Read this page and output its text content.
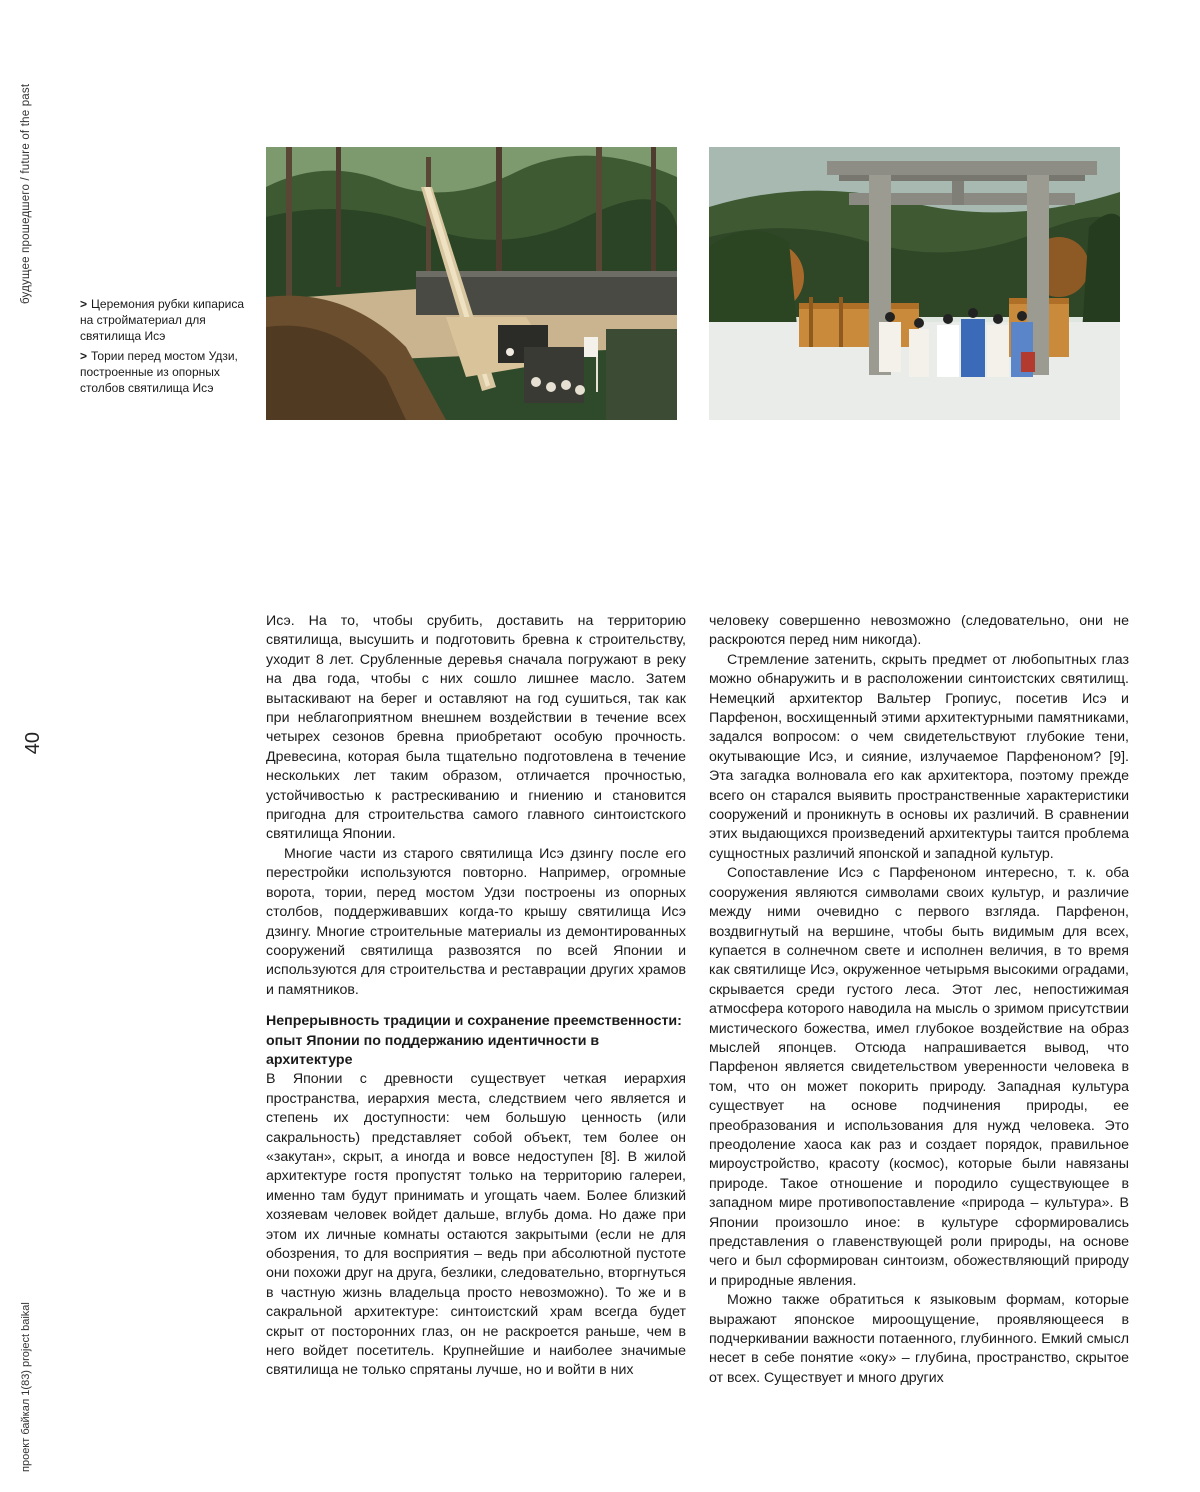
будущее прошедшего / future of the past
40
проект байкал 1(83) project baikal

> Церемония рубки кипариса на стройматериал для святилища Исэ

> Тории перед мостом Удзи, построенные из опорных столбов святилища Исэ

Исэ. На то, чтобы срубить, доставить на территорию святилища, высушить и подготовить бревна к строительству, уходит 8 лет. Срубленные деревья сначала погружают в реку на два года, чтобы с них сошло лишнее масло. Затем вытаскивают на берег и оставляют на год сушиться, так как при неблагоприятном внешнем воздействии в течение всех четырех сезонов бревна приобретают особую прочность. Древесина, которая была тщательно подготовлена в течение нескольких лет таким образом, отличается прочностью, устойчивостью к растрескиванию и гниению и становится пригодна для строительства самого главного синтоистского святилища Японии.

Многие части из старого святилища Исэ дзингу после его перестройки используются повторно. Например, огромные ворота, тории, перед мостом Удзи построены из опорных столбов, поддерживавших когда-то крышу святилища Исэ дзингу. Многие строительные материалы из демонтированных сооружений святилища развозятся по всей Японии и используются для строительства и реставрации других храмов и памятников.

Непрерывность традиции и сохранение преемственности: опыт Японии по поддержанию идентичности в архитектуре

В Японии с древности существует четкая иерархия пространства, иерархия места, следствием чего является и степень их доступности: чем большую ценность (или сакральность) представляет собой объект, тем более он «закутан», скрыт, а иногда и вовсе недоступен [8]. В жилой архитектуре гостя пропустят только на территорию галереи, именно там будут принимать и угощать чаем. Более близкий хозяевам человек войдет дальше, вглубь дома. Но даже при этом их личные комнаты остаются закрытыми (если не для обозрения, то для восприятия – ведь при абсолютной пустоте они похожи друг на друга, безлики, следовательно, вторгнуться в частную жизнь владельца просто невозможно). То же и в сакральной архитектуре: синтоистский храм всегда будет скрыт от посторонних глаз, он не раскроется раньше, чем в него войдет посетитель. Крупнейшие и наиболее значимые святилища не только спрятаны лучше, но и войти в них

человеку совершенно невозможно (следовательно, они не раскроются перед ним никогда).

Стремление затенить, скрыть предмет от любопытных глаз можно обнаружить и в расположении синтоистских святилищ. Немецкий архитектор Вальтер Гропиус, посетив Исэ и Парфенон, восхищенный этими архитектурными памятниками, задался вопросом: о чем свидетельствуют глубокие тени, окутывающие Исэ, и сияние, излучаемое Парфеноном? [9]. Эта загадка волновала его как архитектора, поэтому прежде всего он старался выявить пространственные характеристики сооружений и проникнуть в основы их различий. В сравнении этих выдающихся произведений архитектуры таится проблема сущностных различий японской и западной культур.

Сопоставление Исэ с Парфеноном интересно, т. к. оба сооружения являются символами своих культур, и различие между ними очевидно с первого взгляда. Парфенон, воздвигнутый на вершине, чтобы быть видимым для всех, купается в солнечном свете и исполнен величия, в то время как святилище Исэ, окруженное четырьмя высокими оградами, скрывается среди густого леса. Этот лес, непостижимая атмосфера которого наводила на мысль о зримом присутствии мистического божества, имел глубокое воздействие на образ мыслей японцев. Отсюда напрашивается вывод, что Парфенон является свидетельством уверенности человека в том, что он может покорить природу. Западная культура существует на основе подчинения природы, ее преобразования и использования для нужд человека. Это преодоление хаоса как раз и создает порядок, правильное мироустройство, красоту (космос), которые были навязаны природе. Такое отношение и породило существующее в западном мире противопоставление «природа – культура». В Японии произошло иное: в культуре сформировались представления о главенствующей роли природы, на основе чего и был сформирован синтоизм, обожествляющий природу и природные явления.

Можно также обратиться к языковым формам, которые выражают японское мироощущение, проявляющееся в подчеркивании важности потаенного, глубинного. Емкий смысл несет в себе понятие «оку» – глубина, пространство, скрытое от всех. Существует и много других
